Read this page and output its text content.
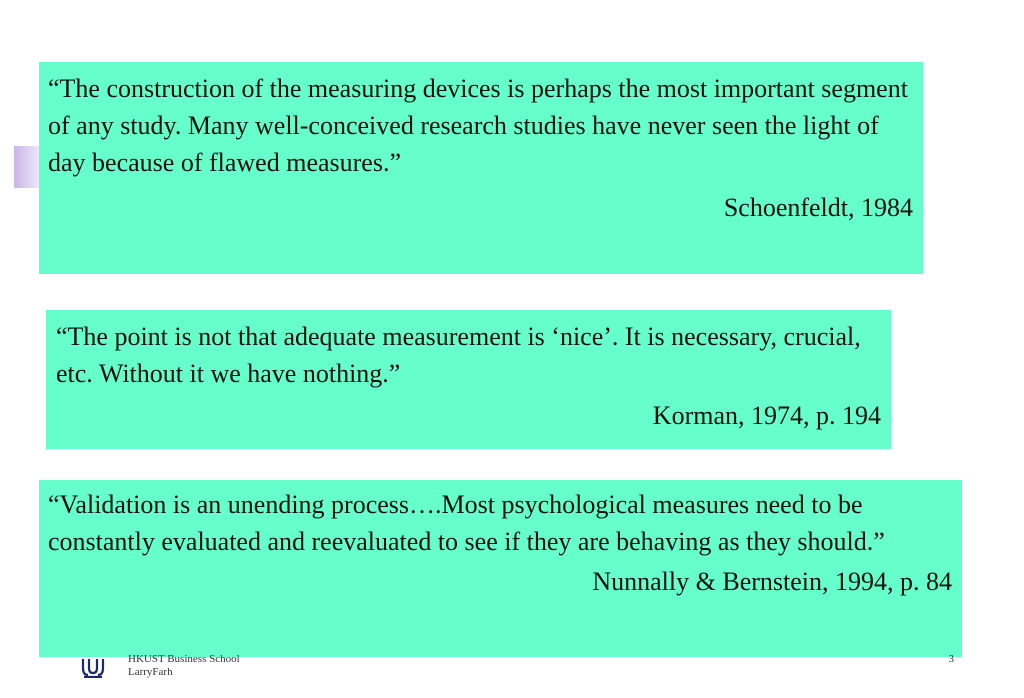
“The construction of the measuring devices is perhaps the most important segment of any study. Many well-conceived research studies have never seen the light of day because of flawed measures.”

Schoenfeldt, 1984

“The point is not that adequate measurement is ‘nice’. It is necessary, crucial, etc. Without it we have nothing.”

Korman, 1974, p. 194

“Validation is an unending process….Most psychological measures need to be constantly evaluated and reevaluated to see if they are behaving as they should.”

Nunnally & Bernstein, 1994, p. 84

HKUST Business School
LarryFarh
3
